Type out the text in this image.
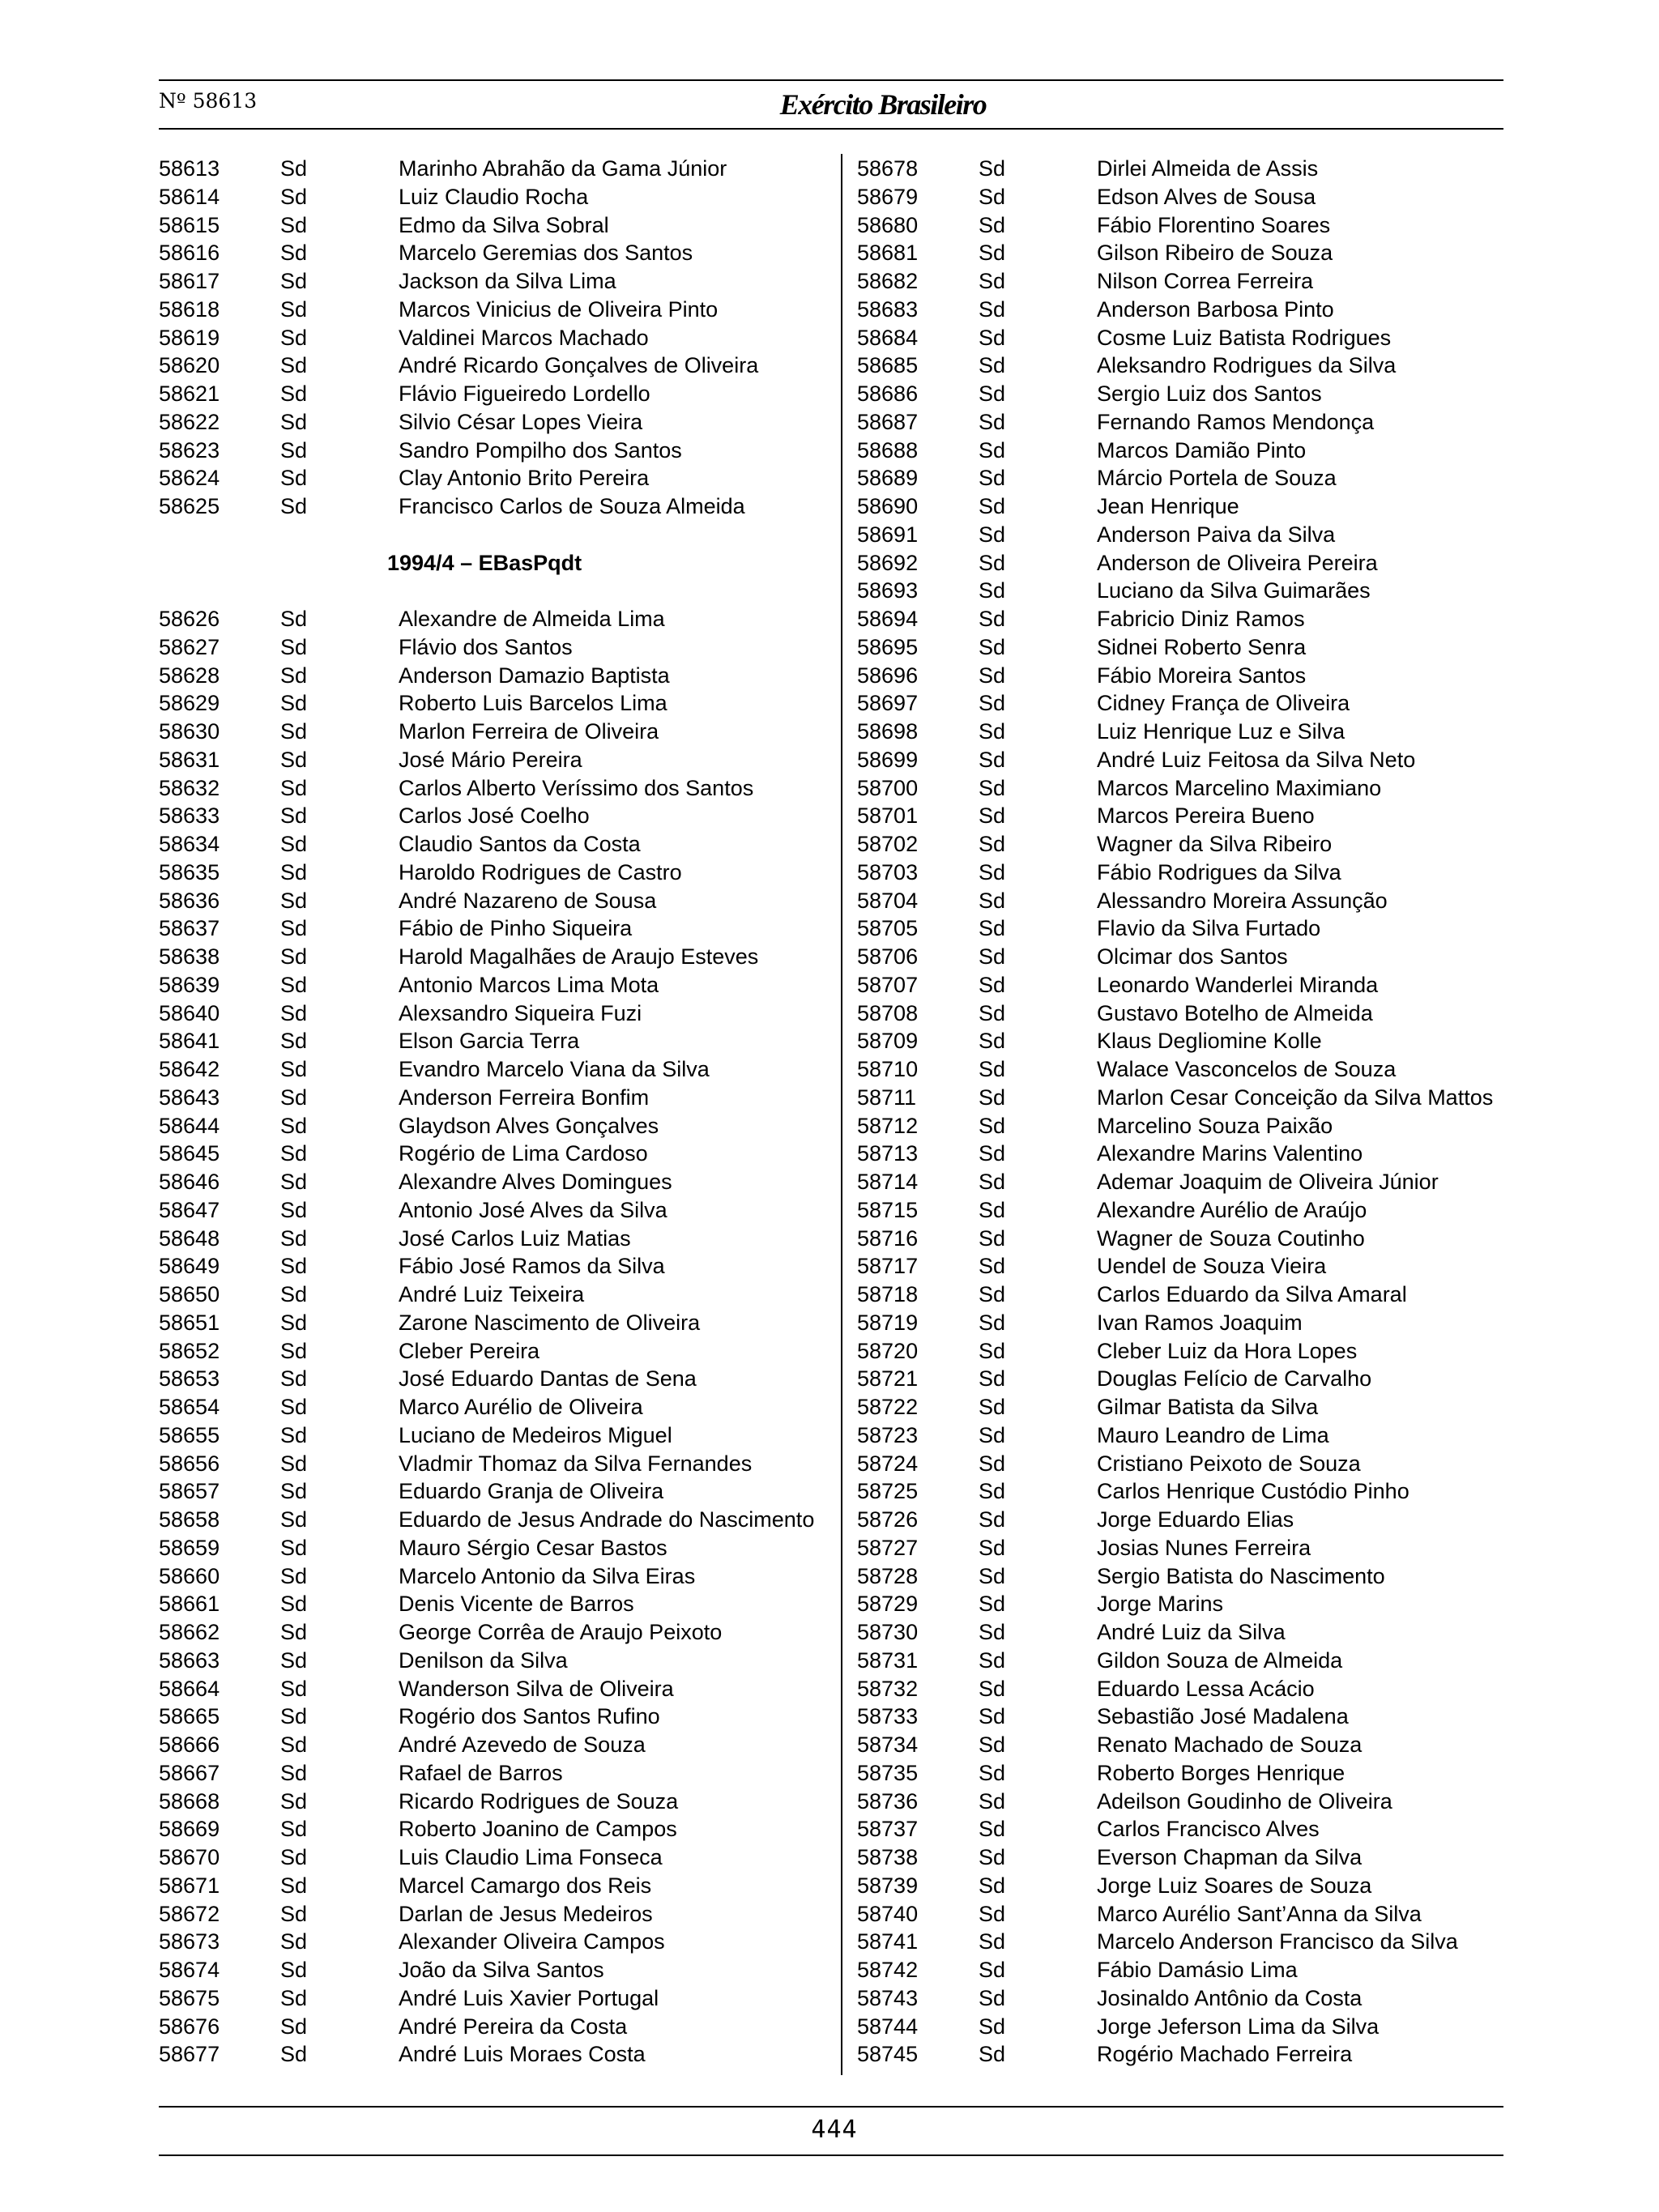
Nº 58613	Exército Brasileiro
58613	Sd	Marinho Abrahão da Gama Júnior
58614	Sd	Luiz Claudio Rocha
58615	Sd	Edmo da Silva Sobral
58616	Sd	Marcelo Geremias dos Santos
58617	Sd	Jackson da Silva Lima
58618	Sd	Marcos Vinicius de Oliveira Pinto
58619	Sd	Valdinei Marcos Machado
58620	Sd	André Ricardo Gonçalves de Oliveira
58621	Sd	Flávio Figueiredo Lordello
58622	Sd	Silvio César Lopes Vieira
58623	Sd	Sandro Pompilho dos Santos
58624	Sd	Clay Antonio Brito Pereira
58625	Sd	Francisco Carlos de Souza Almeida
1994/4 – EBasPqdt
58626	Sd	Alexandre de Almeida Lima
58627	Sd	Flávio dos Santos
58628	Sd	Anderson Damazio Baptista
58629	Sd	Roberto Luis Barcelos Lima
58630	Sd	Marlon Ferreira de Oliveira
58631	Sd	José Mário Pereira
58632	Sd	Carlos Alberto Veríssimo dos Santos
58633	Sd	Carlos José Coelho
58634	Sd	Claudio Santos da Costa
58635	Sd	Haroldo Rodrigues de Castro
58636	Sd	André Nazareno de Sousa
58637	Sd	Fábio de Pinho Siqueira
58638	Sd	Harold Magalhães de Araujo Esteves
58639	Sd	Antonio Marcos Lima Mota
58640	Sd	Alexsandro Siqueira Fuzi
58641	Sd	Elson Garcia Terra
58642	Sd	Evandro Marcelo Viana da Silva
58643	Sd	Anderson Ferreira Bonfim
58644	Sd	Glaydson Alves Gonçalves
58645	Sd	Rogério de Lima Cardoso
58646	Sd	Alexandre Alves Domingues
58647	Sd	Antonio José Alves da Silva
58648	Sd	José Carlos Luiz Matias
58649	Sd	Fábio José Ramos da Silva
58650	Sd	André Luiz Teixeira
58651	Sd	Zarone Nascimento de Oliveira
58652	Sd	Cleber Pereira
58653	Sd	José Eduardo Dantas de Sena
58654	Sd	Marco Aurélio de Oliveira
58655	Sd	Luciano de Medeiros Miguel
58656	Sd	Vladmir Thomaz da Silva Fernandes
58657	Sd	Eduardo Granja de Oliveira
58658	Sd	Eduardo de Jesus Andrade do Nascimento
58659	Sd	Mauro Sérgio Cesar Bastos
58660	Sd	Marcelo Antonio da Silva Eiras
58661	Sd	Denis Vicente de Barros
58662	Sd	George Corrêa de Araujo Peixoto
58663	Sd	Denilson da Silva
58664	Sd	Wanderson Silva de Oliveira
58665	Sd	Rogério dos Santos Rufino
58666	Sd	André Azevedo de Souza
58667	Sd	Rafael de Barros
58668	Sd	Ricardo Rodrigues de Souza
58669	Sd	Roberto Joanino de Campos
58670	Sd	Luis Claudio Lima Fonseca
58671	Sd	Marcel Camargo dos Reis
58672	Sd	Darlan de Jesus Medeiros
58673	Sd	Alexander Oliveira Campos
58674	Sd	João da Silva Santos
58675	Sd	André Luis Xavier Portugal
58676	Sd	André Pereira da Costa
58677	Sd	André Luis Moraes Costa
58678	Sd	Dirlei Almeida de Assis
58679	Sd	Edson Alves de Sousa
58680	Sd	Fábio Florentino Soares
58681	Sd	Gilson Ribeiro de Souza
58682	Sd	Nilson Correa Ferreira
58683	Sd	Anderson Barbosa Pinto
58684	Sd	Cosme Luiz Batista Rodrigues
58685	Sd	Aleksandro Rodrigues da Silva
58686	Sd	Sergio Luiz dos Santos
58687	Sd	Fernando Ramos Mendonça
58688	Sd	Marcos Damião Pinto
58689	Sd	Márcio Portela de Souza
58690	Sd	Jean Henrique
58691	Sd	Anderson Paiva da Silva
58692	Sd	Anderson de Oliveira Pereira
58693	Sd	Luciano da Silva Guimarães
58694	Sd	Fabricio Diniz Ramos
58695	Sd	Sidnei Roberto Senra
58696	Sd	Fábio Moreira Santos
58697	Sd	Cidney França de Oliveira
58698	Sd	Luiz Henrique Luz e Silva
58699	Sd	André Luiz Feitosa da Silva Neto
58700	Sd	Marcos Marcelino Maximiano
58701	Sd	Marcos Pereira Bueno
58702	Sd	Wagner da Silva Ribeiro
58703	Sd	Fábio Rodrigues da Silva
58704	Sd	Alessandro Moreira Assunção
58705	Sd	Flavio da Silva Furtado
58706	Sd	Olcimar dos Santos
58707	Sd	Leonardo Wanderlei Miranda
58708	Sd	Gustavo Botelho de Almeida
58709	Sd	Klaus Degliomine Kolle
58710	Sd	Walace Vasconcelos de Souza
58711	Sd	Marlon Cesar Conceição da Silva Mattos
58712	Sd	Marcelino Souza Paixão
58713	Sd	Alexandre Marins Valentino
58714	Sd	Ademar Joaquim de Oliveira Júnior
58715	Sd	Alexandre Aurélio de Araújo
58716	Sd	Wagner de Souza Coutinho
58717	Sd	Uendel de Souza Vieira
58718	Sd	Carlos Eduardo da Silva Amaral
58719	Sd	Ivan Ramos Joaquim
58720	Sd	Cleber Luiz da Hora Lopes
58721	Sd	Douglas Felício de Carvalho
58722	Sd	Gilmar Batista da Silva
58723	Sd	Mauro Leandro de Lima
58724	Sd	Cristiano Peixoto de Souza
58725	Sd	Carlos Henrique Custódio Pinho
58726	Sd	Jorge Eduardo Elias
58727	Sd	Josias Nunes Ferreira
58728	Sd	Sergio Batista do Nascimento
58729	Sd	Jorge Marins
58730	Sd	André Luiz da Silva
58731	Sd	Gildon Souza de Almeida
58732	Sd	Eduardo Lessa Acácio
58733	Sd	Sebastião José Madalena
58734	Sd	Renato Machado de Souza
58735	Sd	Roberto Borges Henrique
58736	Sd	Adeilson Goudinho de Oliveira
58737	Sd	Carlos Francisco Alves
58738	Sd	Everson Chapman da Silva
58739	Sd	Jorge Luiz Soares de Souza
58740	Sd	Marco Aurélio Sant’Anna da Silva
58741	Sd	Marcelo Anderson Francisco da Silva
58742	Sd	Fábio Damásio Lima
58743	Sd	Josinaldo Antônio da Costa
58744	Sd	Jorge Jeferson Lima da Silva
58745	Sd	Rogério Machado Ferreira
444
